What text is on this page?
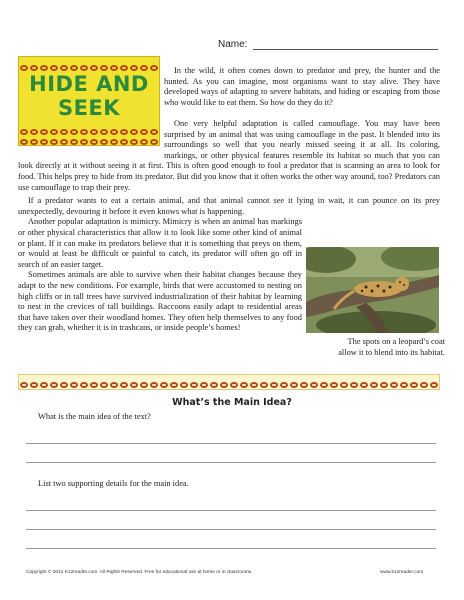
Name:
HIDE AND
SEEK

In the wild, it often comes down to predator and prey, the hunter and the hunted. As you can imagine, most organisms want to stay alive. They have developed ways of adapting to severe habitats, and hiding or escaping from those who would like to eat them. So how do they do it?

One very helpful adaptation is called camouflage. You may have been surprised by an animal that was using camouflage in the past. It blended into its surroundings so well that you nearly missed seeing it at all. Its coloring, markings, or other physical features resemble its habitat so much that you can look directly at it without seeing it at first. This is often good enough to fool a predator that is scanning an area to look for food. This helps prey to hide from its predator. But did you know that it often works the other way around, too? Predators can use camouflage to trap their prey.

If a predator wants to eat a certain animal, and that animal cannot see it lying in wait, it can pounce on its prey unexpectedly, devouring it before it even knows what is happening.

Another popular adaptation is mimicry. Mimicry is when an animal has markings or other physical characteristics that allow it to look like some other kind of animal or plant. If it can make its predators believe that it is something that preys on them, or would at least be difficult or painful to catch, its predator will often go off in search of an easier target.

Sometimes animals are able to survive when their habitat changes because they adapt to the new conditions. For example, birds that were accustomed to nesting on high cliffs or in tall trees have survived industrialization of their habitat by learning to nest in the crevices of tall buildings. Raccoons easily adapt to residential areas that have taken over their woodland homes. They often help themselves to any food they can grab, whether it is in trashcans, or inside people’s homes!

The spots on a leopard’s coat
allow it to blend into its habitat.
What’s the Main Idea?
What is the main idea of the text?
List two supporting details for the main idea.
Copyright © 2012 K12reader.com. All Rights Reserved. Free for educational use at home or in classrooms.	www.k12reader.com
